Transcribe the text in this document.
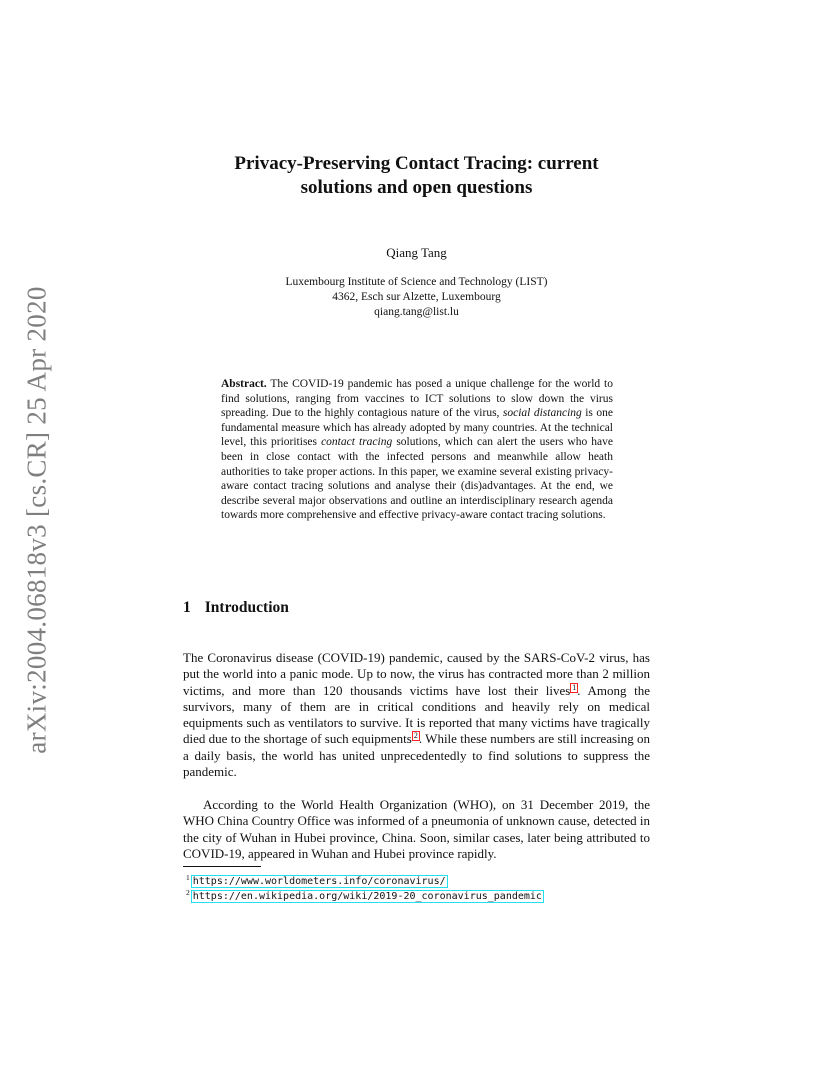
arXiv:2004.06818v3 [cs.CR] 25 Apr 2020
Privacy-Preserving Contact Tracing: current
solutions and open questions
Qiang Tang
Luxembourg Institute of Science and Technology (LIST)
4362, Esch sur Alzette, Luxembourg
qiang.tang@list.lu

Abstract. The COVID-19 pandemic has posed a unique challenge for the world to find solutions, ranging from vaccines to ICT solutions to slow down the virus spreading. Due to the highly contagious nature of the virus, social distancing is one fundamental measure which has already adopted by many countries. At the technical level, this prioritises contact tracing solutions, which can alert the users who have been in close contact with the infected persons and meanwhile allow heath authorities to take proper actions. In this paper, we examine several existing privacy-aware contact tracing solutions and analyse their (dis)advantages. At the end, we describe several major observations and outline an interdisciplinary research agenda towards more comprehensive and effective privacy-aware contact tracing solutions.

1 Introduction

The Coronavirus disease (COVID-19) pandemic, caused by the SARS-CoV-2 virus, has put the world into a panic mode. Up to now, the virus has contracted more than 2 million victims, and more than 120 thousands victims have lost their lives 1. Among the survivors, many of them are in critical conditions and heavily rely on medical equipments such as ventilators to survive. It is reported that many victims have tragically died due to the shortage of such equipments 2. While these numbers are still increasing on a daily basis, the world has united unprecedentedly to find solutions to suppress the pandemic.

According to the World Health Organization (WHO), on 31 December 2019, the WHO China Country Office was informed of a pneumonia of unknown cause, detected in the city of Wuhan in Hubei province, China. Soon, similar cases, later being attributed to COVID-19, appeared in Wuhan and Hubei province rapidly.

$^1$ https://www.worldometers.info/coronavirus/
$^2$ https://en.wikipedia.org/wiki/2019-20_coronavirus_pandemic
